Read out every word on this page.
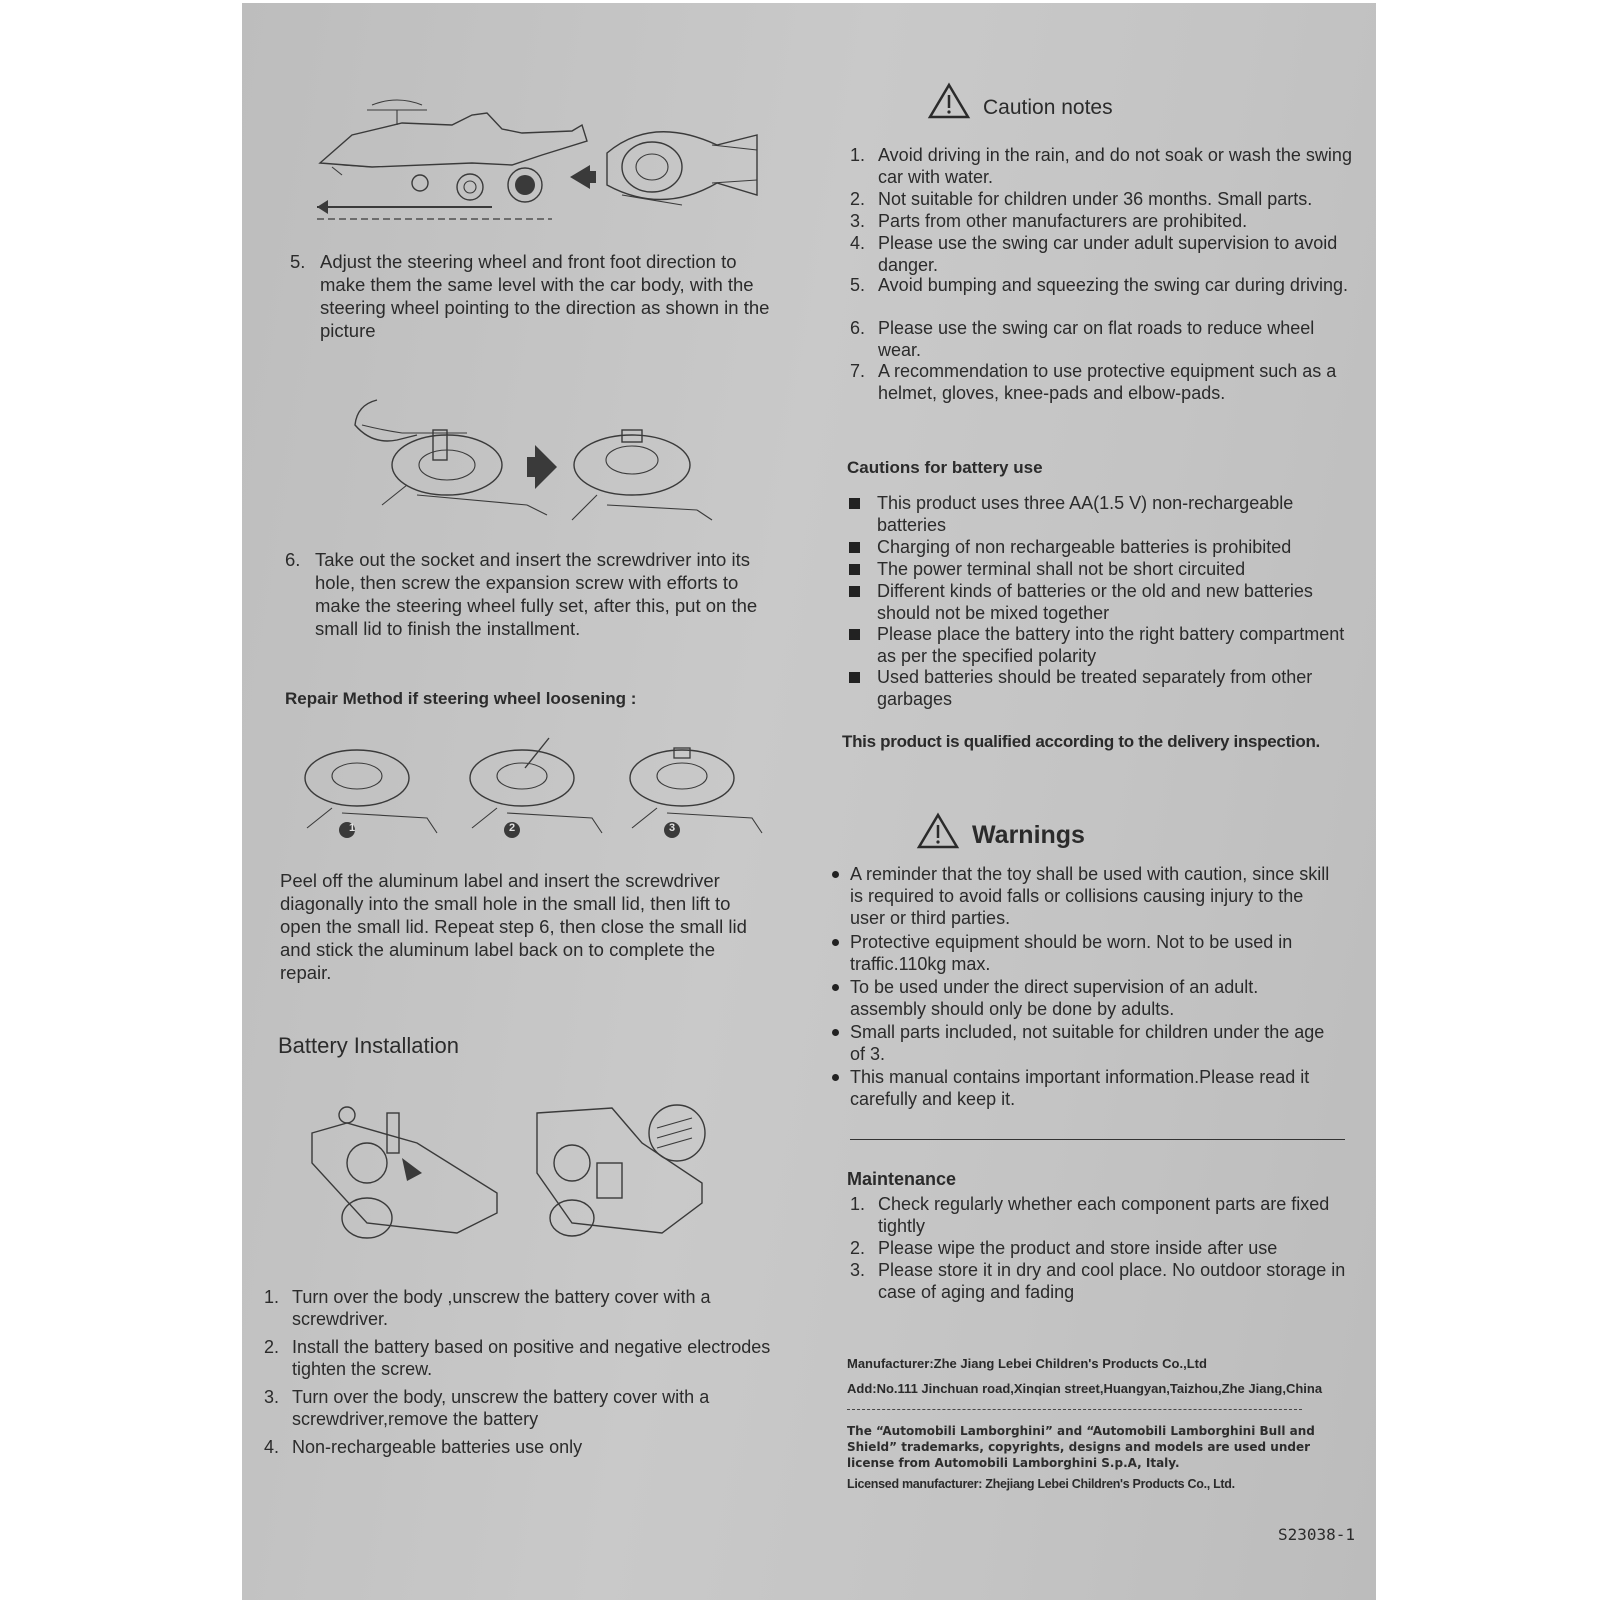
5. Adjust the steering wheel and front foot direction to make them the same level with the car body, with the steering wheel pointing to the direction as shown in the picture
6. Take out the socket and insert the screwdriver into its hole, then screw the expansion screw with efforts to make the steering wheel fully set, after this, put on the small lid to finish the installment.
Repair Method if steering wheel loosening :
1	2	3
Peel off the aluminum label and insert the screwdriver diagonally into the small hole in the small lid, then lift to open the small lid. Repeat step 6, then close the small lid and stick the aluminum label back on to complete the repair.
Battery Installation
1. Turn over the body ,unscrew the battery cover with a screwdriver.
2. Install the battery based on positive and negative electrodes tighten the screw.
3. Turn over the body, unscrew the battery cover with a screwdriver,remove the battery
4. Non-rechargeable batteries use only
Caution notes
1. Avoid driving in the rain, and do not soak or wash the swing car with water.
2. Not suitable for children under 36 months. Small parts.
3. Parts from other manufacturers are prohibited.
4. Please use the swing car under adult supervision to avoid danger.
5. Avoid bumping and squeezing the swing car during driving.
6. Please use the swing car on flat roads to reduce wheel wear.
7. A recommendation to use protective equipment such as a helmet, gloves, knee-pads and elbow-pads.
Cautions for battery use
This product uses three AA(1.5 V) non-rechargeable batteries
Charging of non rechargeable batteries is prohibited
The power terminal shall not be short circuited
Different kinds of batteries or the old and new batteries should not be mixed together
Please place the battery into the right battery compartment as per the specified polarity
Used batteries should be treated separately from other garbages
This product is qualified according to the delivery inspection.
Warnings
A reminder that the toy shall be used with caution, since skill is required to avoid falls or collisions causing injury to the user or third parties.
Protective equipment should be worn. Not to be used in traffic.110kg max.
To be used under the direct supervision of an adult. assembly should only be done by adults.
Small parts included, not suitable for children under the age of 3.
This manual contains important information.Please read it carefully and keep it.
Maintenance
1. Check regularly whether each component parts are fixed tightly
2. Please wipe the product and store inside after use
3. Please store it in dry and cool place. No outdoor storage in case of aging and fading
Manufacturer:Zhe Jiang Lebei Children's Products Co.,Ltd
Add:No.111 Jinchuan road,Xinqian street,Huangyan,Taizhou,Zhe Jiang,China
The “Automobili Lamborghini” and “Automobili Lamborghini Bull and Shield” trademarks, copyrights, designs and models are used under license from Automobili Lamborghini S.p.A, Italy.
Licensed manufacturer: Zhejiang Lebei Children's Products Co., Ltd.
S23038-1
